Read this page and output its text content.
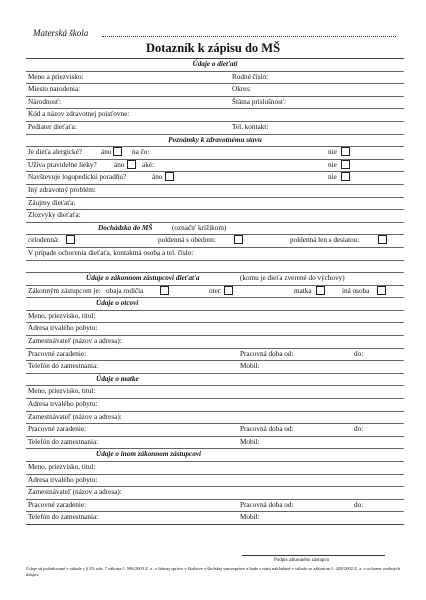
Materská škola
Dotazník k zápisu do MŠ
Údaje o dieťati
Meno a priezvisko:	Rodné číslo:
Miesto narodenia:	Okres:
Národnosť:	Štátna príslušnosť:
Kód a názov zdravotnej poisťovne:
Pediater dieťaťa:	Tel. kontakt:
Poznámky k zdravotnému stavu
Je dieťa alergické?	áno	na čo:	nie
Užíva pravidelne lieky? áno aké:	nie
Navštevuje logopedickú poradňu?	áno	nie
Iný zdravotný problém:
Záujmy dieťaťa:
Zlozvyky dieťaťa:
Dochádzka do MŠ	(označiť krížikom)
celodenná:	poldenná s obedom:	poldenná len s desiatou:
V prípade ochorenia dieťaťa, kontaktná osoba a tel. číslo:
Údaje o zákonnom zástupcovi dieťaťa	(komu je dieťa zverené do výchovy)
Zákonným zástupcom je: obaja rodičia	otec	matka	iná osoba
Údaje o otcovi
Meno, priezvisko, titul:
Adresa trvalého pobytu:
Zamestnávateľ (názov a adresa):
Pracovné zaradenie:	Pracovná doba od:	do:
Telefón do zamestnania:	Mobil:
Údaje o matke
Meno, priezvisko, titul:
Adresa trvalého pobytu:
Zamestnávateľ (názov a adresa):
Pracovné zaradenie:	Pracovná doba od:	do:
Telefón do zamestnania:	Mobil:
Údaje o inom zákonnom zástupcovi
Meno, priezvisko, titul:
Adresa trvalého pobytu:
Zamestnávateľ (názov a adresa):
Pracovné zaradenie:	Pracovná doba od:	do:
Telefón do zamestnania:	Mobil:
Podpis zákonného zástupcu
Údaje sú požadované v súlade s § 29, ods. 7 zákona č. 596/2003 Z. z. o štátnej správe v školstve a školskej samospráve a bude s nimi nakladané v súlade so zákonom č. 428/2002 Z. z. o ochrane osobných údajov.
